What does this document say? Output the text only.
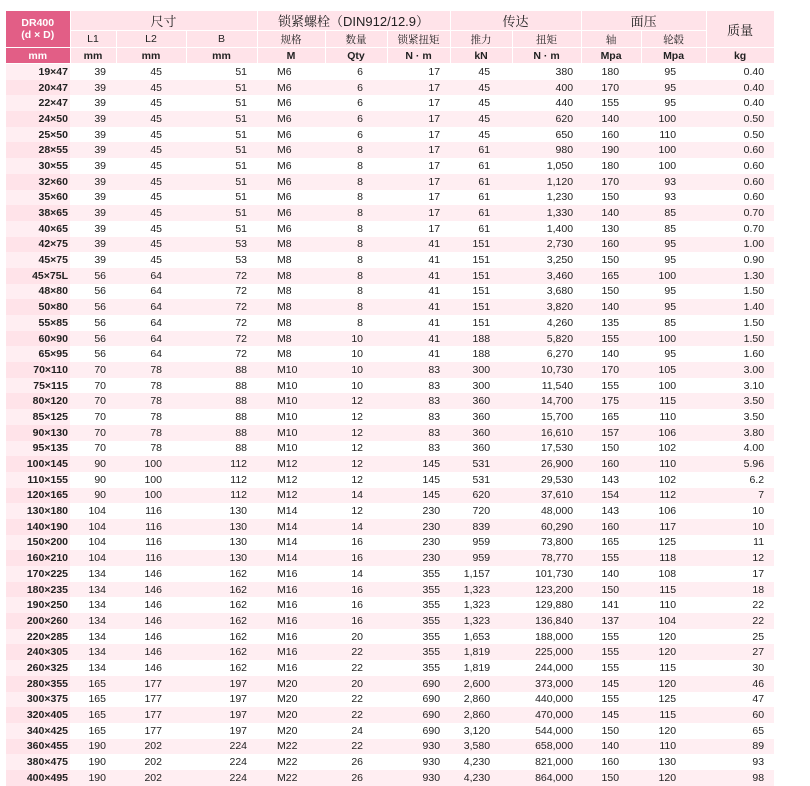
DR400
(d × D)	尺寸			锁紧螺栓（DIN912/12.9）			传达		面压		质量
	L1	L2	B	规格	数量	锁紧扭矩	推力	扭矩	轴	轮毂	
mm	mm	mm	mm	M	Qty	N · m	kN	N · m	Mpa	Mpa	kg
19×47	39	45	51	M6	6	17	45	380	180	95	0.40
20×47	39	45	51	M6	6	17	45	400	170	95	0.40
22×47	39	45	51	M6	6	17	45	440	155	95	0.40
24×50	39	45	51	M6	6	17	45	620	140	100	0.50
25×50	39	45	51	M6	6	17	45	650	160	110	0.50
28×55	39	45	51	M6	8	17	61	980	190	100	0.60
30×55	39	45	51	M6	8	17	61	1,050	180	100	0.60
32×60	39	45	51	M6	8	17	61	1,120	170	93	0.60
35×60	39	45	51	M6	8	17	61	1,230	150	93	0.60
38×65	39	45	51	M6	8	17	61	1,330	140	85	0.70
40×65	39	45	51	M6	8	17	61	1,400	130	85	0.70
42×75	39	45	53	M8	8	41	151	2,730	160	95	1.00
45×75	39	45	53	M8	8	41	151	3,250	150	95	0.90
45×75L	56	64	72	M8	8	41	151	3,460	165	100	1.30
48×80	56	64	72	M8	8	41	151	3,680	150	95	1.50
50×80	56	64	72	M8	8	41	151	3,820	140	95	1.40
55×85	56	64	72	M8	8	41	151	4,260	135	85	1.50
60×90	56	64	72	M8	10	41	188	5,820	155	100	1.50
65×95	56	64	72	M8	10	41	188	6,270	140	95	1.60
70×110	70	78	88	M10	10	83	300	10,730	170	105	3.00
75×115	70	78	88	M10	10	83	300	11,540	155	100	3.10
80×120	70	78	88	M10	12	83	360	14,700	175	115	3.50
85×125	70	78	88	M10	12	83	360	15,700	165	110	3.50
90×130	70	78	88	M10	12	83	360	16,610	157	106	3.80
95×135	70	78	88	M10	12	83	360	17,530	150	102	4.00
100×145	90	100	112	M12	12	145	531	26,900	160	110	5.96
110×155	90	100	112	M12	12	145	531	29,530	143	102	6.2
120×165	90	100	112	M12	14	145	620	37,610	154	112	7
130×180	104	116	130	M14	12	230	720	48,000	143	106	10
140×190	104	116	130	M14	14	230	839	60,290	160	117	10
150×200	104	116	130	M14	16	230	959	73,800	165	125	11
160×210	104	116	130	M14	16	230	959	78,770	155	118	12
170×225	134	146	162	M16	14	355	1,157	101,730	140	108	17
180×235	134	146	162	M16	16	355	1,323	123,200	150	115	18
190×250	134	146	162	M16	16	355	1,323	129,880	141	110	22
200×260	134	146	162	M16	16	355	1,323	136,840	137	104	22
220×285	134	146	162	M16	20	355	1,653	188,000	155	120	25
240×305	134	146	162	M16	22	355	1,819	225,000	155	120	27
260×325	134	146	162	M16	22	355	1,819	244,000	155	115	30
280×355	165	177	197	M20	20	690	2,600	373,000	145	120	46
300×375	165	177	197	M20	22	690	2,860	440,000	155	125	47
320×405	165	177	197	M20	22	690	2,860	470,000	145	115	60
340×425	165	177	197	M20	24	690	3,120	544,000	150	120	65
360×455	190	202	224	M22	22	930	3,580	658,000	140	110	89
380×475	190	202	224	M22	26	930	4,230	821,000	160	130	93
400×495	190	202	224	M22	26	930	4,230	864,000	150	120	98
